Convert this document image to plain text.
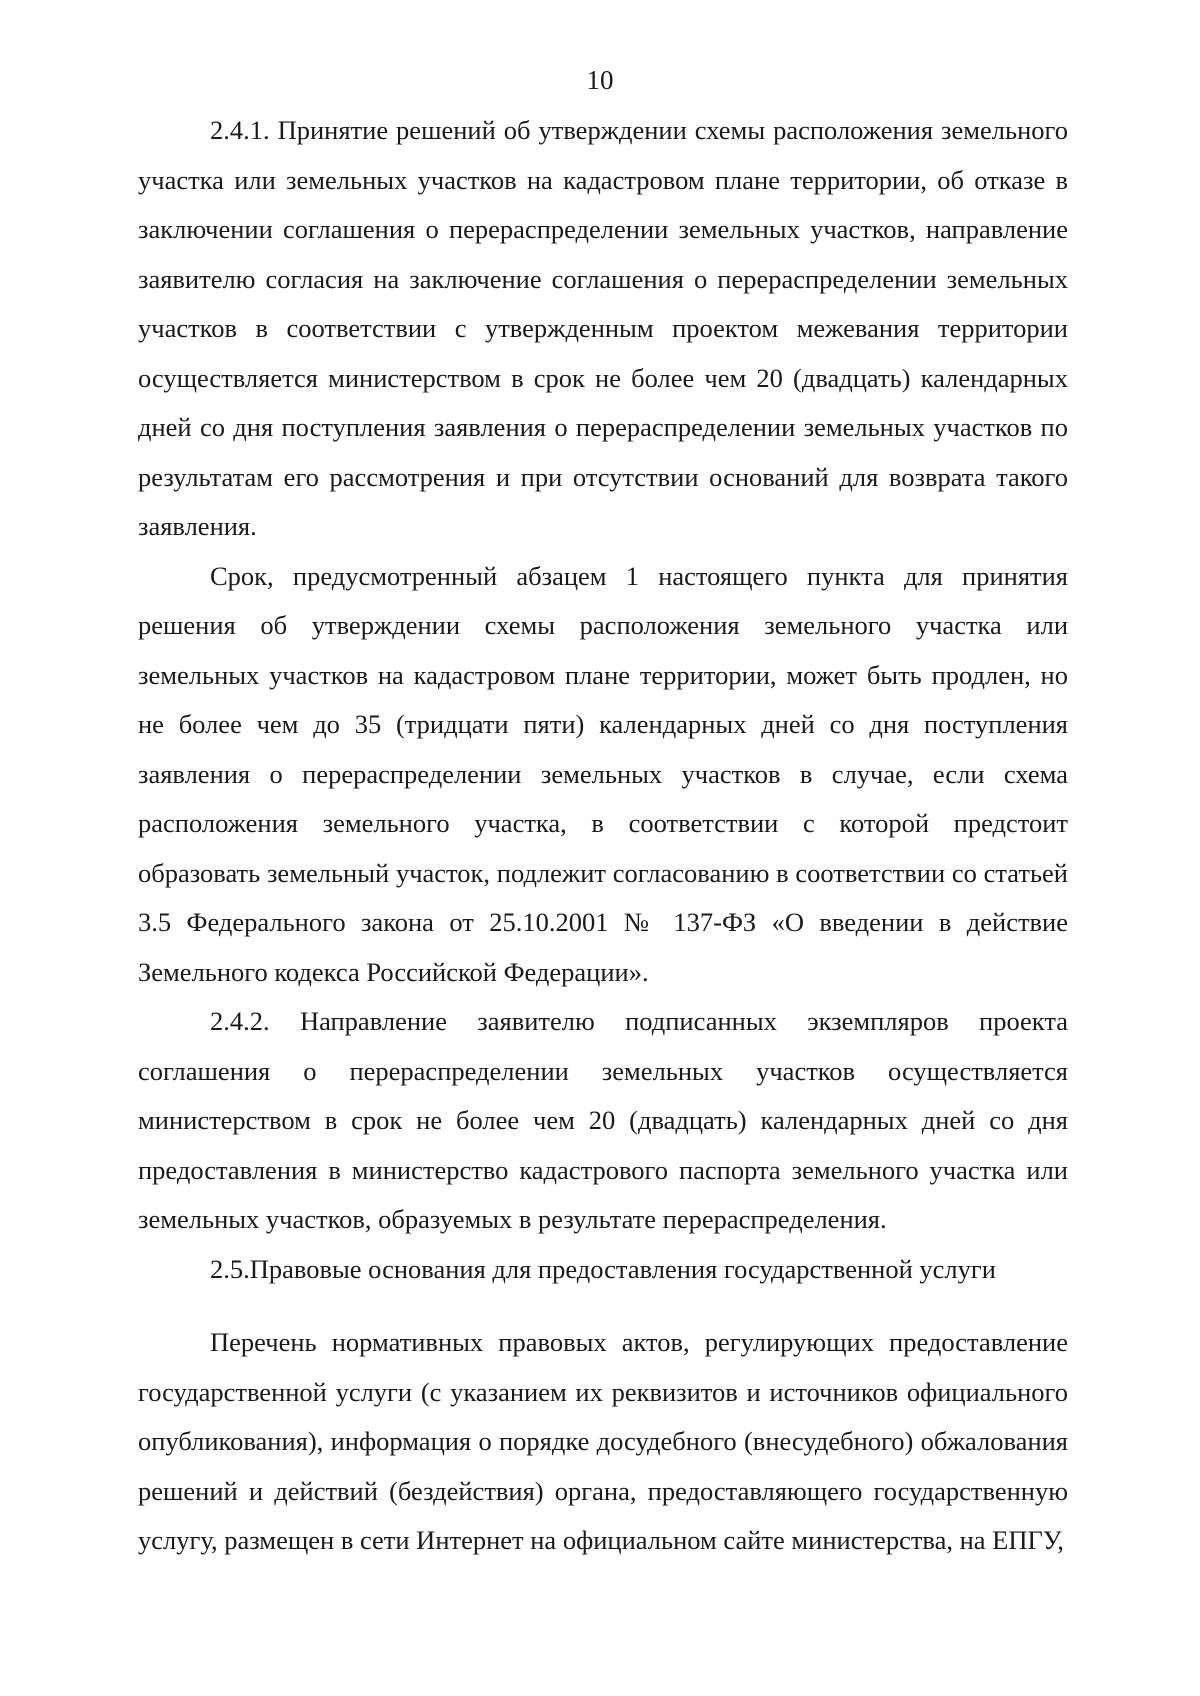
10

2.4.1. Принятие решений об утверждении схемы расположения земельного участка или земельных участков на кадастровом плане территории, об отказе в заключении соглашения о перераспределении земельных участков, направление заявителю согласия на заключение соглашения о перераспределении земельных участков в соответствии с утвержденным проектом межевания территории осуществляется министерством в срок не более чем 20 (двадцать) календарных дней со дня поступления заявления о перераспределении земельных участков по результатам его рассмотрения и при отсутствии оснований для возврата такого заявления.

Срок, предусмотренный абзацем 1 настоящего пункта для принятия решения об утверждении схемы расположения земельного участка или земельных участков на кадастровом плане территории, может быть продлен, но не более чем до 35 (тридцати пяти) календарных дней со дня поступления заявления о перераспределении земельных участков в случае, если схема расположения земельного участка, в соответствии с которой предстоит образовать земельный участок, подлежит согласованию в соответствии со статьей 3.5 Федерального закона от 25.10.2001 № 137-ФЗ «О введении в действие Земельного кодекса Российской Федерации».

2.4.2. Направление заявителю подписанных экземпляров проекта соглашения о перераспределении земельных участков осуществляется министерством в срок не более чем 20 (двадцать) календарных дней со дня предоставления в министерство кадастрового паспорта земельного участка или земельных участков, образуемых в результате перераспределения.

2.5.Правовые основания для предоставления государственной услуги

Перечень нормативных правовых актов, регулирующих предоставление государственной услуги (с указанием их реквизитов и источников официального опубликования), информация о порядке досудебного (внесудебного) обжалования решений и действий (бездействия) органа, предоставляющего государственную услугу, размещен в сети Интернет на официальном сайте министерства, на ЕПГУ,
